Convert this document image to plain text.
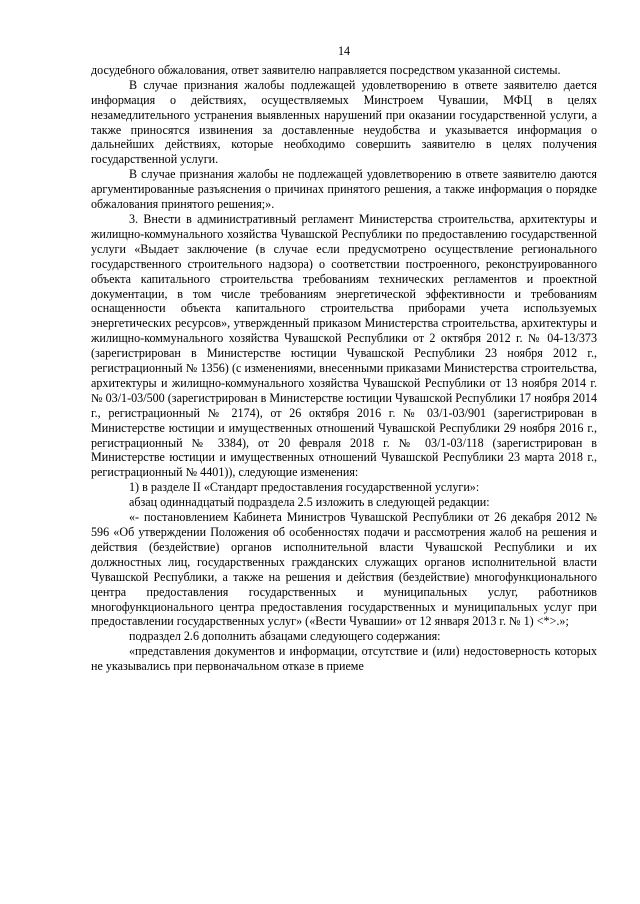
14

досудебного обжалования, ответ заявителю направляется посредством указанной системы.

В случае признания жалобы подлежащей удовлетворению в ответе заявителю дается информация о действиях, осуществляемых Минстроем Чувашии, МФЦ в целях незамедлительного устранения выявленных нарушений при оказании государственной услуги, а также приносятся извинения за доставленные неудобства и указывается информация о дальнейших действиях, которые необходимо совершить заявителю в целях получения государственной услуги.

В случае признания жалобы не подлежащей удовлетворению в ответе заявителю даются аргументированные разъяснения о причинах принятого решения, а также информация о порядке обжалования принятого решения;».

3. Внести в административный регламент Министерства строительства, архитектуры и жилищно-коммунального хозяйства Чувашской Республики по предоставлению государственной услуги «Выдает заключение (в случае если предусмотрено осуществление регионального государственного строительного надзора) о соответствии построенного, реконструированного объекта капитального строительства требованиям технических регламентов и проектной документации, в том числе требованиям энергетической эффективности и требованиям оснащенности объекта капитального строительства приборами учета используемых энергетических ресурсов», утвержденный приказом Министерства строительства, архитектуры и жилищно-коммунального хозяйства Чувашской Республики от 2 октября 2012 г. № 04-13/373 (зарегистрирован в Министерстве юстиции Чувашской Республики 23 ноября 2012 г., регистрационный № 1356) (с изменениями, внесенными приказами Министерства строительства, архитектуры и жилищно-коммунального хозяйства Чувашской Республики от 13 ноября 2014 г. № 03/1-03/500 (зарегистрирован в Министерстве юстиции Чувашской Республики 17 ноября 2014 г., регистрационный № 2174), от 26 октября 2016 г. № 03/1-03/901 (зарегистрирован в Министерстве юстиции и имущественных отношений Чувашской Республики 29 ноября 2016 г., регистрационный № 3384), от 20 февраля 2018 г. № 03/1-03/118 (зарегистрирован в Министерстве юстиции и имущественных отношений Чувашской Республики 23 марта 2018 г., регистрационный № 4401)), следующие изменения:

1) в разделе II «Стандарт предоставления государственной услуги»:

абзац одиннадцатый подраздела 2.5 изложить в следующей редакции:

«- постановлением Кабинета Министров Чувашской Республики от 26 декабря 2012 № 596 «Об утверждении Положения об особенностях подачи и рассмотрения жалоб на решения и действия (бездействие) органов исполнительной власти Чувашской Республики и их должностных лиц, государственных гражданских служащих органов исполнительной власти Чувашской Республики, а также на решения и действия (бездействие) многофункционального центра предоставления государственных и муниципальных услуг, работников многофункционального центра предоставления государственных и муниципальных услуг при предоставлении государственных услуг» («Вести Чувашии» от 12 января 2013 г. № 1) <*>.»;

подраздел 2.6 дополнить абзацами следующего содержания:

«представления документов и информации, отсутствие и (или) недостоверность которых не указывались при первоначальном отказе в приеме
